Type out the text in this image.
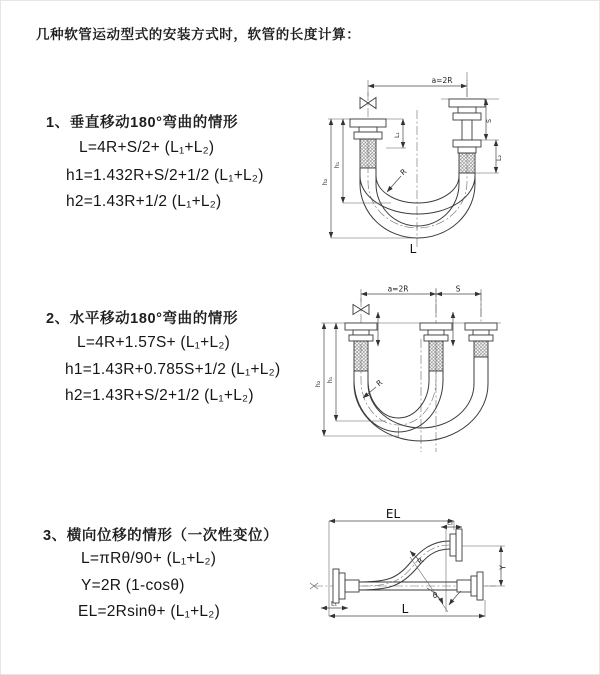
几种软管运动型式的安装方式时，软管的长度计算：
1、垂直移动180°弯曲的情形
L=4R+S/2+ (L₁+L₂)
h1=1.432R+S/2+1/2 (L₁+L₂)
h2=1.43R+1/2 (L₁+L₂)
a=2R
h₂
h₁
L₁
S
L₂
R
L
2、水平移动180°弯曲的情形
L=4R+1.57S+ (L₁+L₂)
h1=1.43R+0.785S+1/2 (L₁+L₂)
h2=1.43R+S/2+1/2 (L₁+L₂)
a=2R	S
h₂
h₁	R
3、横向位移的情形（一次性变位）
L=πRθ/90+ (L₁+L₂)
Y=2R (1-cosθ)
EL=2Rsinθ+ (L₁+L₂)
EL
L₂
Y
R
θ
L
L₁
